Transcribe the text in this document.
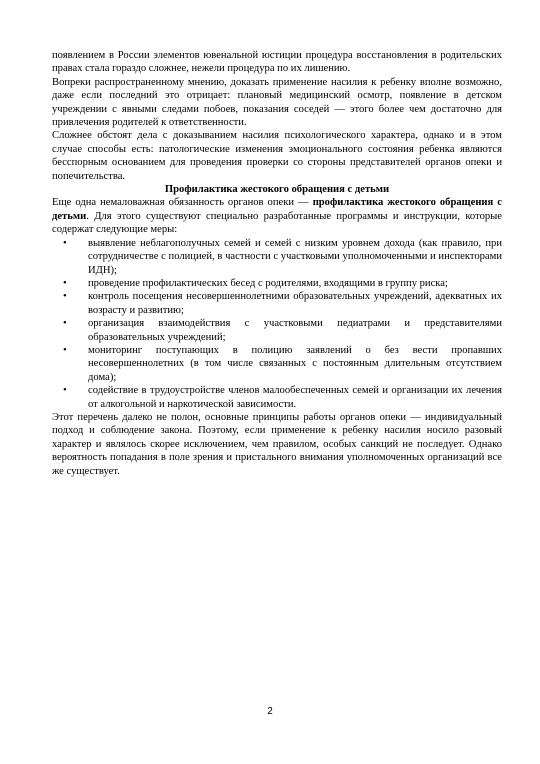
появлением в России элементов ювенальной юстиции процедура восстановления в родительских правах стала гораздо сложнее, нежели процедура по их лишению.

Вопреки распространенному мнению, доказать применение насилия к ребенку вполне возможно, даже если последний это отрицает: плановый медицинский осмотр, появление в детском учреждении с явными следами побоев, показания соседей — этого более чем достаточно для привлечения родителей к ответственности.

Сложнее обстоят дела с доказыванием насилия психологического характера, однако и в этом случае способы есть: патологические изменения эмоционального состояния ребенка являются бесспорным основанием для проведения проверки со стороны представителей органов опеки и попечительства.

Профилактика жестокого обращения с детьми

Еще одна немаловажная обязанность органов опеки — профилактика жестокого обращения с детьми. Для этого существуют специально разработанные программы и инструкции, которые содержат следующие меры:

• выявление неблагополучных семей и семей с низким уровнем дохода (как правило, при сотрудничестве с полицией, в частности с участковыми уполномоченными и инспекторами ИДН);
• проведение профилактических бесед с родителями, входящими в группу риска;
• контроль посещения несовершеннолетними образовательных учреждений, адекватных их возрасту и развитию;
• организация взаимодействия с участковыми педиатрами и представителями образовательных учреждений;
• мониторинг поступающих в полицию заявлений о без вести пропавших несовершеннолетних (в том числе связанных с постоянным длительным отсутствием дома);
• содействие в трудоустройстве членов малообеспеченных семей и организации их лечения от алкогольной и наркотической зависимости.

Этот перечень далеко не полон, основные принципы работы органов опеки — индивидуальный подход и соблюдение закона. Поэтому, если применение к ребенку насилия носило разовый характер и являлось скорее исключением, чем правилом, особых санкций не последует. Однако вероятность попадания в поле зрения и пристального внимания уполномоченных организаций все же существует.

2
